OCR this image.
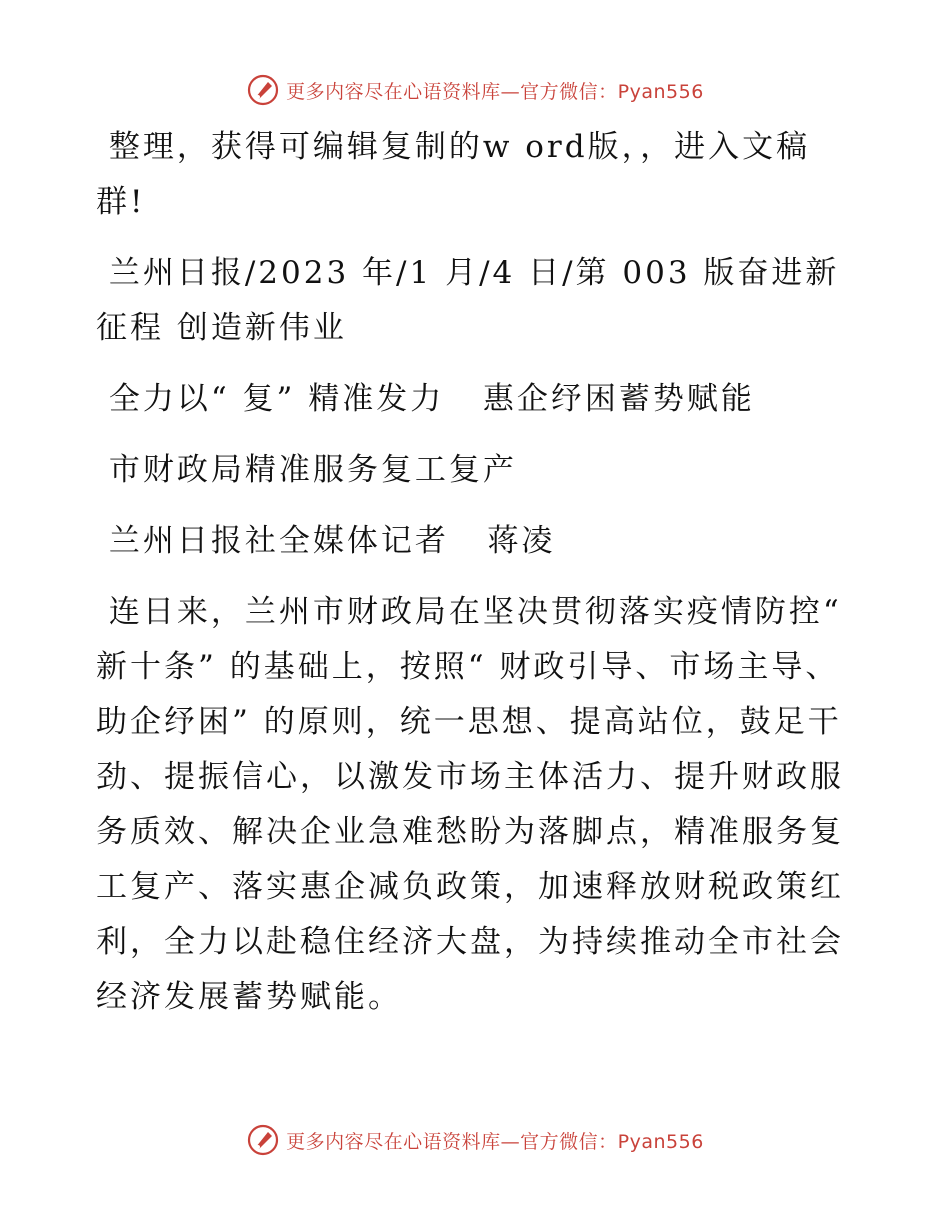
更多内容尽在心语资料库—官方微信：Pyan556

整理，获得可编辑复制的w ord版，，进入文稿群!

兰州日报/2023 年/1 月/4 日/第 003 版奋进新征程 创造新伟业

全力以“ 复” 精准发力   惠企纾困蓄势赋能

市财政局精准服务复工复产

兰州日报社全媒体记者   蒋凌

连日来，兰州市财政局在坚决贯彻落实疫情防控“ 新十条” 的基础上，按照“ 财政引导、市场主导、助企纾困” 的原则，统一思想、提高站位，鼓足干劲、提振信心，以激发市场主体活力、提升财政服务质效、解决企业急难愁盼为落脚点，精准服务复工复产、落实惠企减负政策，加速释放财税政策红利，全力以赴稳住经济大盘，为持续推动全市社会经济发展蓄势赋能。

更多内容尽在心语资料库—官方微信：Pyan556
